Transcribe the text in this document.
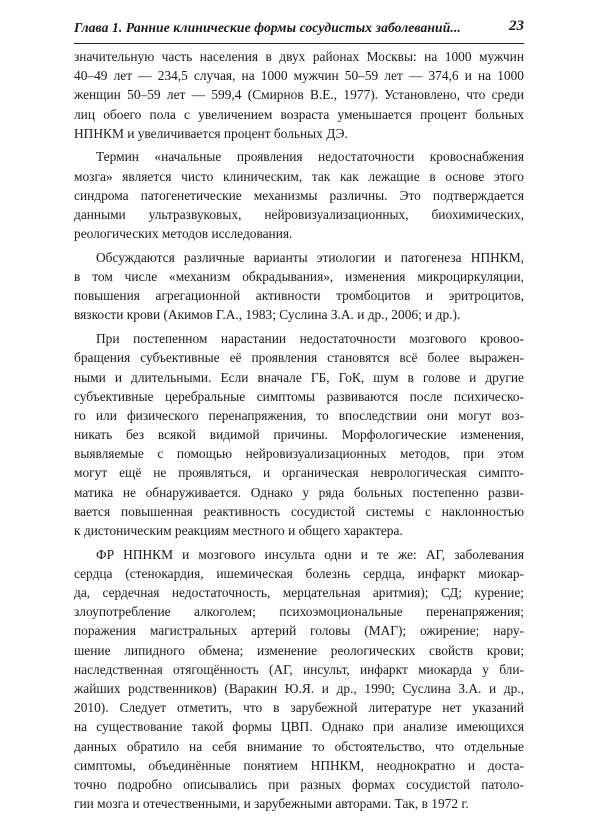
Глава 1. Ранние клинические формы сосудистых заболеваний...	23
значительную часть населения в двух районах Москвы: на 1000 мужчин
40–49 лет — 234,5 случая, на 1000 мужчин 50–59 лет — 374,6 и на 1000
женщин 50–59 лет — 599,4 (Смирнов В.Е., 1977). Установлено, что среди
лиц обоего пола с увеличением возраста уменьшается процент больных
НПНКМ и увеличивается процент больных ДЭ.
Термин «начальные проявления недостаточности кровоснабжения
мозга» является чисто клиническим, так как лежащие в основе этого
синдрома патогенетические механизмы различны. Это подтверждается
данными ультразвуковых, нейровизуализационных, биохимических,
реологических методов исследования.
Обсуждаются различные варианты этиологии и патогенеза НПНКМ,
в том числе «механизм обкрадывания», изменения микроциркуляции,
повышения агрегационной активности тромбоцитов и эритроцитов,
вязкости крови (Акимов Г.А., 1983; Суслина З.А. и др., 2006; и др.).
При постепенном нарастании недостаточности мозгового кровоо-
бращения субъективные её проявления становятся всё более выражен-
ными и длительными. Если вначале ГБ, ГоК, шум в голове и другие
субъективные церебральные симптомы развиваются после психическо-
го или физического перенапряжения, то впоследствии они могут воз-
никать без всякой видимой причины. Морфологические изменения,
выявляемые с помощью нейровизуализационных методов, при этом
могут ещё не проявляться, и органическая неврологическая симпто-
матика не обнаруживается. Однако у ряда больных постепенно разви-
вается повышенная реактивность сосудистой системы с наклонностью
к дистоническим реакциям местного и общего характера.
ФР НПНКМ и мозгового инсульта одни и те же: АГ, заболевания
сердца (стенокардия, ишемическая болезнь сердца, инфаркт миокар-
да, сердечная недостаточность, мерцательная аритмия); СД; курение;
злоупотребление алкоголем; психоэмоциональные перенапряжения;
поражения магистральных артерий головы (МАГ); ожирение; нару-
шение липидного обмена; изменение реологических свойств крови;
наследственная отягощённость (АГ, инсульт, инфаркт миокарда у бли-
жайших родственников) (Варакин Ю.Я. и др., 1990; Суслина З.А. и др.,
2010). Следует отметить, что в зарубежной литературе нет указаний
на существование такой формы ЦВП. Однако при анализе имеющихся
данных обратило на себя внимание то обстоятельство, что отдельные
симптомы, объединённые понятием НПНКМ, неоднократно и доста-
точно подробно описывались при разных формах сосудистой патоло-
гии мозга и отечественными, и зарубежными авторами. Так, в 1972 г.
